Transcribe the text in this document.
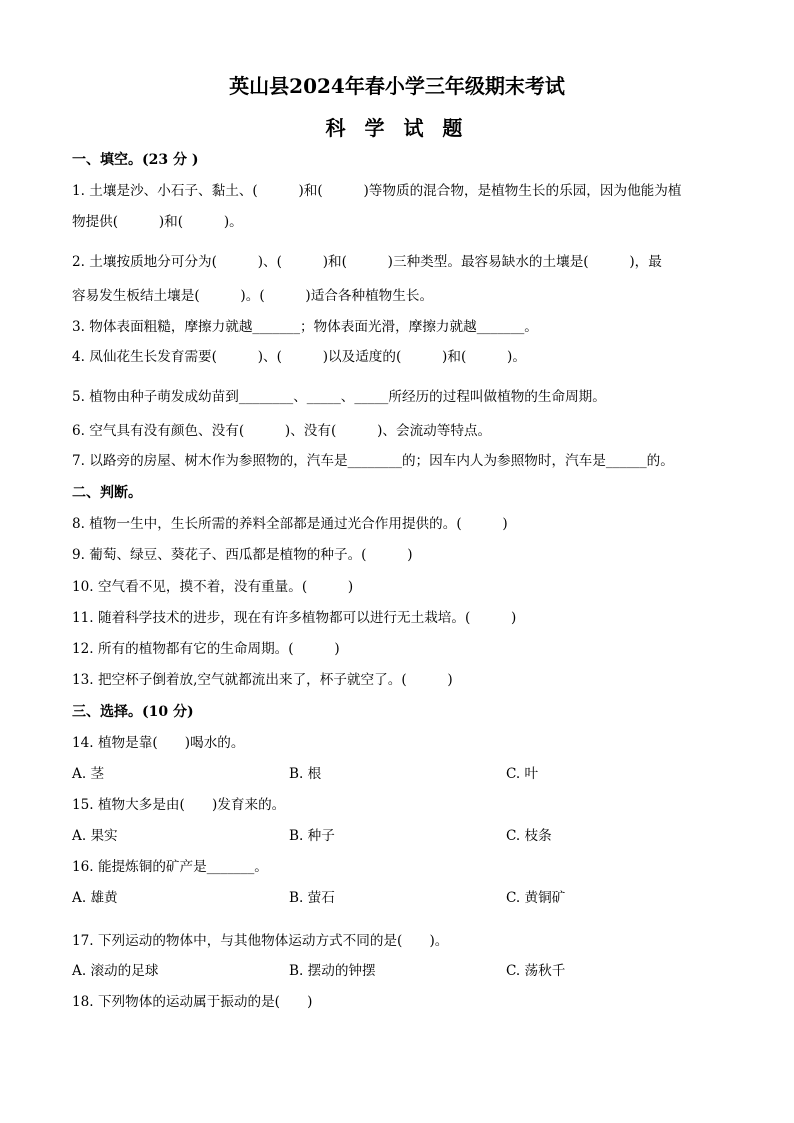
英山县2024年春小学三年级期末考试
科 学 试 题
一、填空。(23 分 )
1. 土壤是沙、小石子、黏土、(　　　)和(　　　)等物质的混合物，是植物生长的乐园，因为他能为植
物提供(　　　)和(　　　)。
2. 土壤按质地分可分为(　　　)、(　　　)和(　　　)三种类型。最容易缺水的土壤是(　　　)，最
容易发生板结土壤是(　　　)。(　　　)适合各种植物生长。
3. 物体表面粗糙，摩擦力就越_______；物体表面光滑，摩擦力就越_______。
4. 凤仙花生长发育需要(　　　)、(　　　)以及适度的(　　　)和(　　　)。
5. 植物由种子萌发成幼苗到________、_____、_____所经历的过程叫做植物的生命周期。
6. 空气具有没有颜色、没有(　　　)、没有(　　　)、会流动等特点。
7. 以路旁的房屋、树木作为参照物的，汽车是________的；因车内人为参照物时，汽车是______的。
二、判断。
8. 植物一生中，生长所需的养料全部都是通过光合作用提供的。(　　　)
9. 葡萄、绿豆、葵花子、西瓜都是植物的种子。(　　　)
10. 空气看不见，摸不着，没有重量。(　　　)
11. 随着科学技术的进步，现在有许多植物都可以进行无土栽培。(　　　)
12. 所有的植物都有它的生命周期。(　　　)
13. 把空杯子倒着放,空气就都流出来了，杯子就空了。(　　　)
三、选择。(10 分)
14. 植物是靠(　　)喝水的。
A. 茎	B. 根	C. 叶
15. 植物大多是由(　　)发育来的。
A. 果实	B. 种子	C. 枝条
16. 能提炼铜的矿产是_______。
A. 雄黄	B. 萤石	C. 黄铜矿
17. 下列运动的物体中，与其他物体运动方式不同的是(　　)。
A. 滚动的足球	B. 摆动的钟摆	C. 荡秋千
18. 下列物体的运动属于振动的是(　　)
